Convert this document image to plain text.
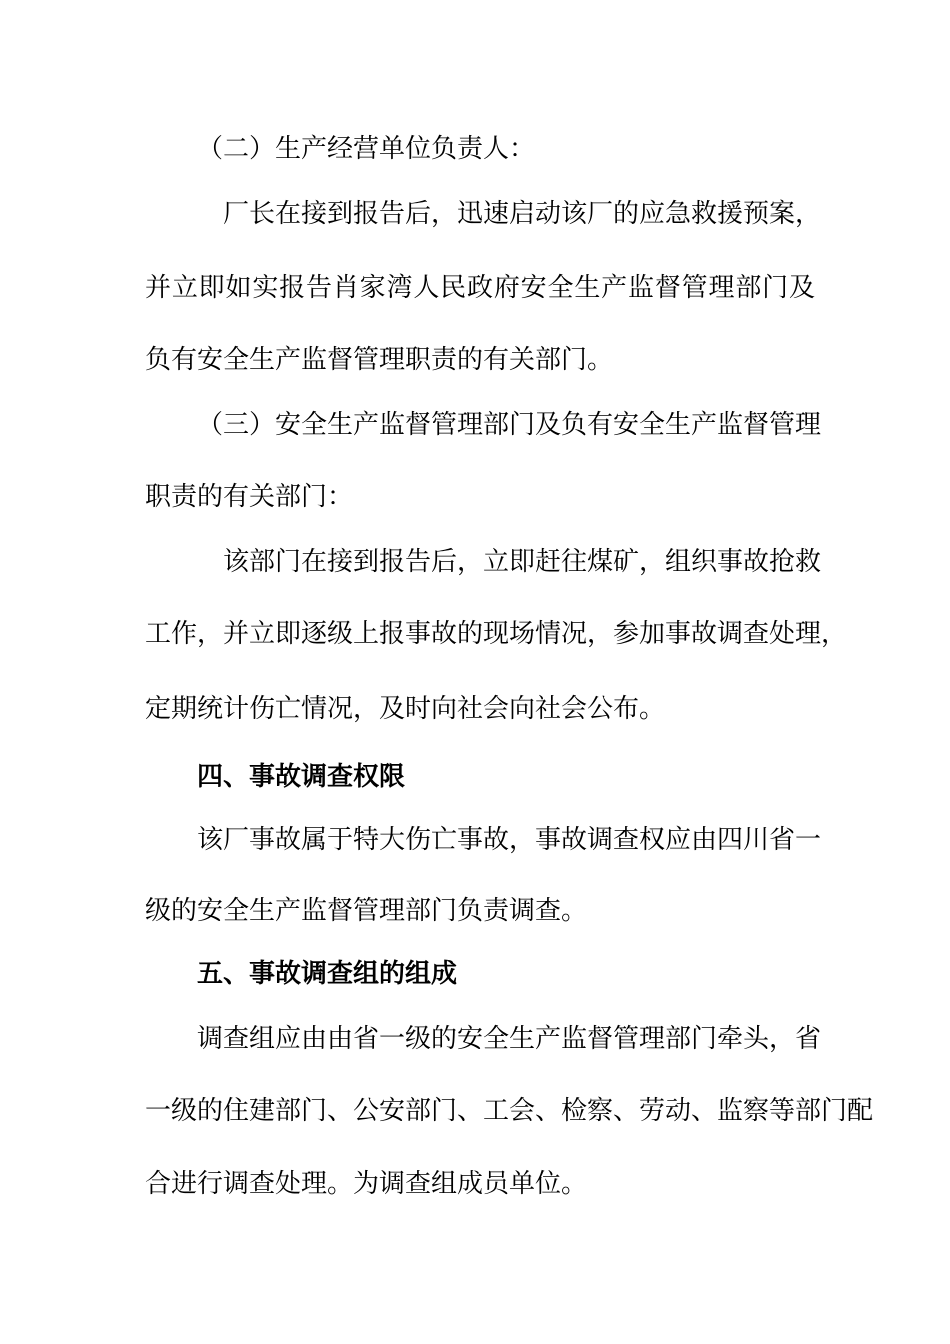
（二）生产经营单位负责人：
厂长在接到报告后，迅速启动该厂的应急救援预案，
并立即如实报告肖家湾人民政府安全生产监督管理部门及
负有安全生产监督管理职责的有关部门。
（三）安全生产监督管理部门及负有安全生产监督管理
职责的有关部门：
该部门在接到报告后，立即赶往煤矿，组织事故抢救
工作，并立即逐级上报事故的现场情况，参加事故调查处理，
定期统计伤亡情况，及时向社会向社会公布。
四、事故调查权限
该厂事故属于特大伤亡事故，事故调查权应由四川省一
级的安全生产监督管理部门负责调查。
五、事故调查组的组成
调查组应由由省一级的安全生产监督管理部门牵头，省
一级的住建部门、公安部门、工会、检察、劳动、监察等部门配
合进行调查处理。为调查组成员单位。
